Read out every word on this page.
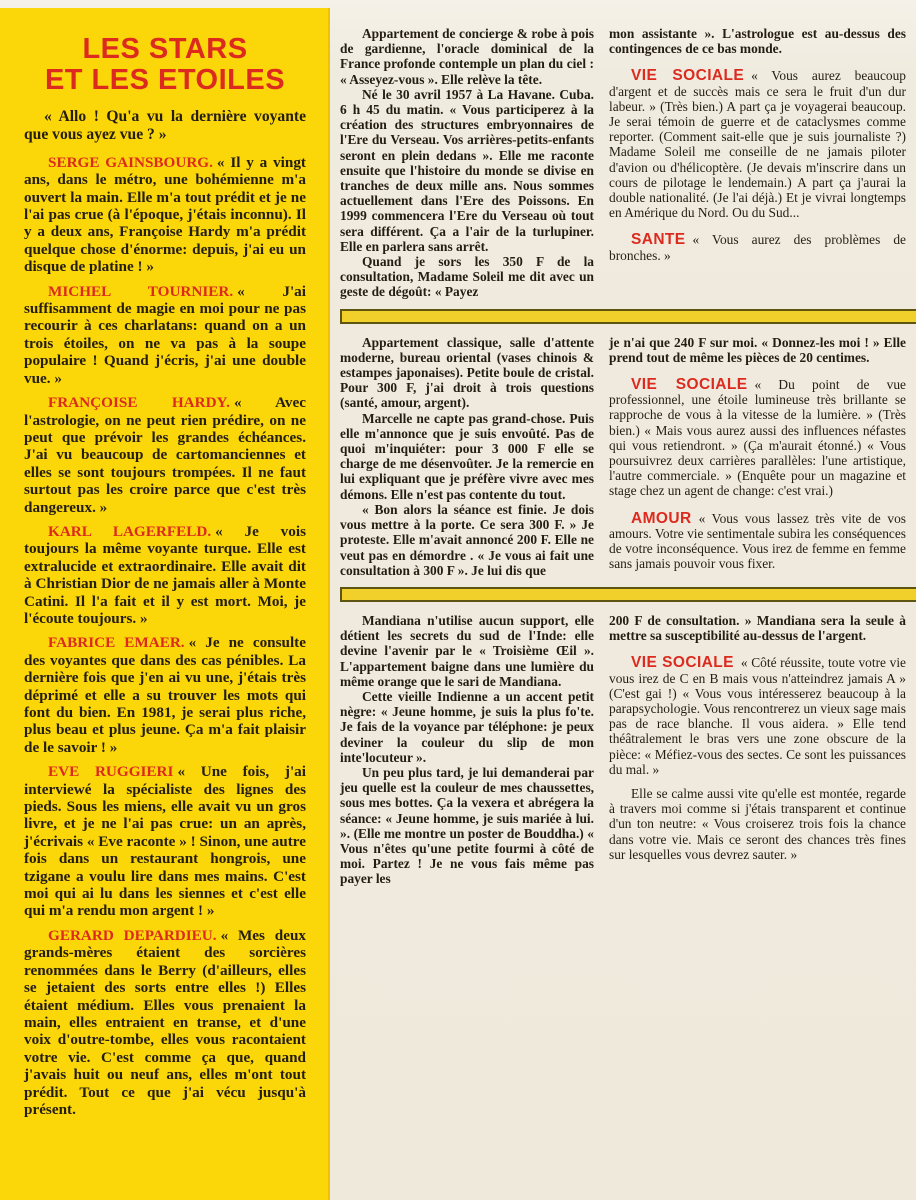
LES STARS
ET LES ETOILES

« Allo ! Qu'a vu la dernière voyante que vous ayez vue ? »

SERGE GAINSBOURG. « Il y a vingt ans, dans le métro, une bohémienne m'a ouvert la main. Elle m'a tout prédit et je ne l'ai pas crue (à l'époque, j'étais inconnu). Il y a deux ans, Françoise Hardy m'a prédit quelque chose d'énorme: depuis, j'ai eu un disque de platine ! »

MICHEL TOURNIER. « J'ai suffisamment de magie en moi pour ne pas recourir à ces charlatans: quand on a un trois étoiles, on ne va pas à la soupe populaire ! Quand j'écris, j'ai une double vue. »

FRANÇOISE HARDY. « Avec l'astrologie, on ne peut rien prédire, on ne peut que prévoir les grandes échéances. J'ai vu beaucoup de cartomanciennes et elles se sont toujours trompées. Il ne faut surtout pas les croire parce que c'est très dangereux. »

KARL LAGERFELD. « Je vois toujours la même voyante turque. Elle est extralucide et extraordinaire. Elle avait dit à Christian Dior de ne jamais aller à Monte Catini. Il l'a fait et il y est mort. Moi, je l'écoute toujours. »

FABRICE EMAER. « Je ne consulte des voyantes que dans des cas pénibles. La dernière fois que j'en ai vu une, j'étais très déprimé et elle a su trouver les mots qui font du bien. En 1981, je serai plus riche, plus beau et plus jeune. Ça m'a fait plaisir de le savoir ! »

EVE RUGGIERI « Une fois, j'ai interviewé la spécialiste des lignes des pieds. Sous les miens, elle avait vu un gros livre, et je ne l'ai pas crue: un an après, j'écrivais « Eve raconte » ! Sinon, une autre fois dans un restaurant hongrois, une tzigane a voulu lire dans mes mains. C'est moi qui ai lu dans les siennes et c'est elle qui m'a rendu mon argent ! »

GERARD DEPARDIEU. « Mes deux grands-mères étaient des sorcières renommées dans le Berry (d'ailleurs, elles se jetaient des sorts entre elles !) Elles étaient médium. Elles vous prenaient la main, elles entraient en transe, et d'une voix d'outre-tombe, elles vous racontaient votre vie. C'est comme ça que, quand j'avais huit ou neuf ans, elles m'ont tout prédit. Tout ce que j'ai vécu jusqu'à présent.

Appartement de concierge & robe à pois de gardienne, l'oracle dominical de la France profonde contemple un plan du ciel : « Asseyez-vous ». Elle relève la tête.

Né le 30 avril 1957 à La Havane. Cuba. 6 h 45 du matin. « Vous participerez à la création des structures embryonnaires de l'Ere du Verseau. Vos arrières-petits-enfants seront en plein dedans ». Elle me raconte ensuite que l'histoire du monde se divise en tranches de deux mille ans. Nous sommes actuellement dans l'Ere des Poissons. En 1999 commencera l'Ere du Verseau où tout sera différent. Ça a l'air de la turlupiner. Elle en parlera sans arrêt.

Quand je sors les 350 F de la consultation, Madame Soleil me dit avec un geste de dégoût: « Payez

mon assistante ». L'astrologue est au-dessus des contingences de ce bas monde.

VIE SOCIALE « Vous aurez beaucoup d'argent et de succès mais ce sera le fruit d'un dur labeur. » (Très bien.) A part ça je voyagerai beaucoup. Je serai témoin de guerre et de cataclysmes comme reporter. (Comment sait-elle que je suis journaliste ?) Madame Soleil me conseille de ne jamais piloter d'avion ou d'hélicoptère. (Je devais m'inscrire dans un cours de pilotage le lendemain.) A part ça j'aurai la double nationalité. (Je l'ai déjà.) Et je vivrai longtemps en Amérique du Nord. Ou du Sud...

SANTE « Vous aurez des problèmes de bronches. »

Appartement classique, salle d'attente moderne, bureau oriental (vases chinois & estampes japonaises). Petite boule de cristal. Pour 300 F, j'ai droit à trois questions (santé, amour, argent).

Marcelle ne capte pas grand-chose. Puis elle m'annonce que je suis envoûté. Pas de quoi m'inquiéter: pour 3 000 F elle se charge de me désenvoûter. Je la remercie en lui expliquant que je préfère vivre avec mes démons. Elle n'est pas contente du tout.

« Bon alors la séance est finie. Je dois vous mettre à la porte. Ce sera 300 F. » Je proteste. Elle m'avait annoncé 200 F. Elle ne veut pas en démordre . « Je vous ai fait une consultation à 300 F ». Je lui dis que

je n'ai que 240 F sur moi. « Donnez-les moi ! » Elle prend tout de même les pièces de 20 centimes.

VIE SOCIALE « Du point de vue professionnel, une étoile lumineuse très brillante se rapproche de vous à la vitesse de la lumière. » (Très bien.) « Mais vous aurez aussi des influences néfastes qui vous retiendront. » (Ça m'aurait étonné.) « Vous poursuivrez deux carrières parallèles: l'une artistique, l'autre commerciale. » (Enquête pour un magazine et stage chez un agent de change: c'est vrai.)

AMOUR « Vous vous lassez très vite de vos amours. Votre vie sentimentale subira les conséquences de votre inconséquence. Vous irez de femme en femme sans jamais pouvoir vous fixer.

Mandiana n'utilise aucun support, elle détient les secrets du sud de l'Inde: elle devine l'avenir par le « Troisième Œil ». L'appartement baigne dans une lumière du même orange que le sari de Mandiana.

Cette vieille Indienne a un accent petit nègre: « Jeune homme, je suis la plus fo'te. Je fais de la voyance par téléphone: je peux deviner la couleur du slip de mon inte'locuteur ».

Un peu plus tard, je lui demanderai par jeu quelle est la couleur de mes chaussettes, sous mes bottes. Ça la vexera et abrégera la séance: « Jeune homme, je suis mariée à lui. ». (Elle me montre un poster de Bouddha.) « Vous n'êtes qu'une petite fourmi à côté de moi. Partez ! Je ne vous fais même pas payer les

200 F de consultation. » Mandiana sera la seule à mettre sa susceptibilité au-dessus de l'argent.

VIE SOCIALE « Côté réussite, toute votre vie vous irez de C en B mais vous n'atteindrez jamais A » (C'est gai !) « Vous vous intéresserez beaucoup à la parapsychologie. Vous rencontrerez un vieux sage mais pas de race blanche. Il vous aidera. » Elle tend théâtralement le bras vers une zone obscure de la pièce: « Méfiez-vous des sectes. Ce sont les puissances du mal. »

Elle se calme aussi vite qu'elle est montée, regarde à travers moi comme si j'étais transparent et continue d'un ton neutre: « Vous croiserez trois fois la chance dans votre vie. Mais ce seront des chances très fines sur lesquelles vous devrez sauter. »
